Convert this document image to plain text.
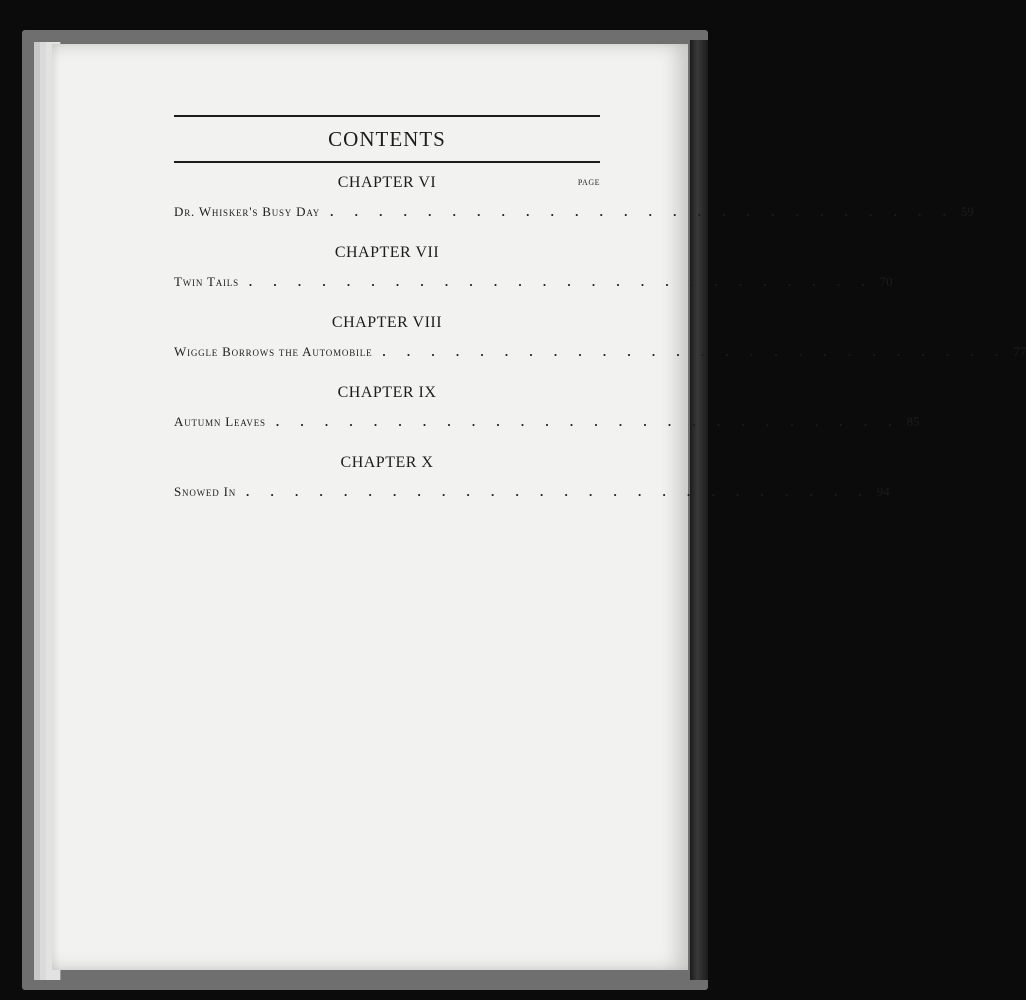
CONTENTS
PAGE
CHAPTER VI
Dr. Whisker's Busy Day . . . . . . . . . . . . . . . . . . . . . . . . . . 59
CHAPTER VII
Twin Tails . . . . . . . . . . . . . . . . . . . . . . . . . . 70
CHAPTER VIII
Wiggle Borrows the Automobile . . . . . . . . . . . . . . . . . . . . . . . . . . 77
CHAPTER IX
Autumn Leaves . . . . . . . . . . . . . . . . . . . . . . . . . . 85
CHAPTER X
Snowed In . . . . . . . . . . . . . . . . . . . . . . . . . . 94
